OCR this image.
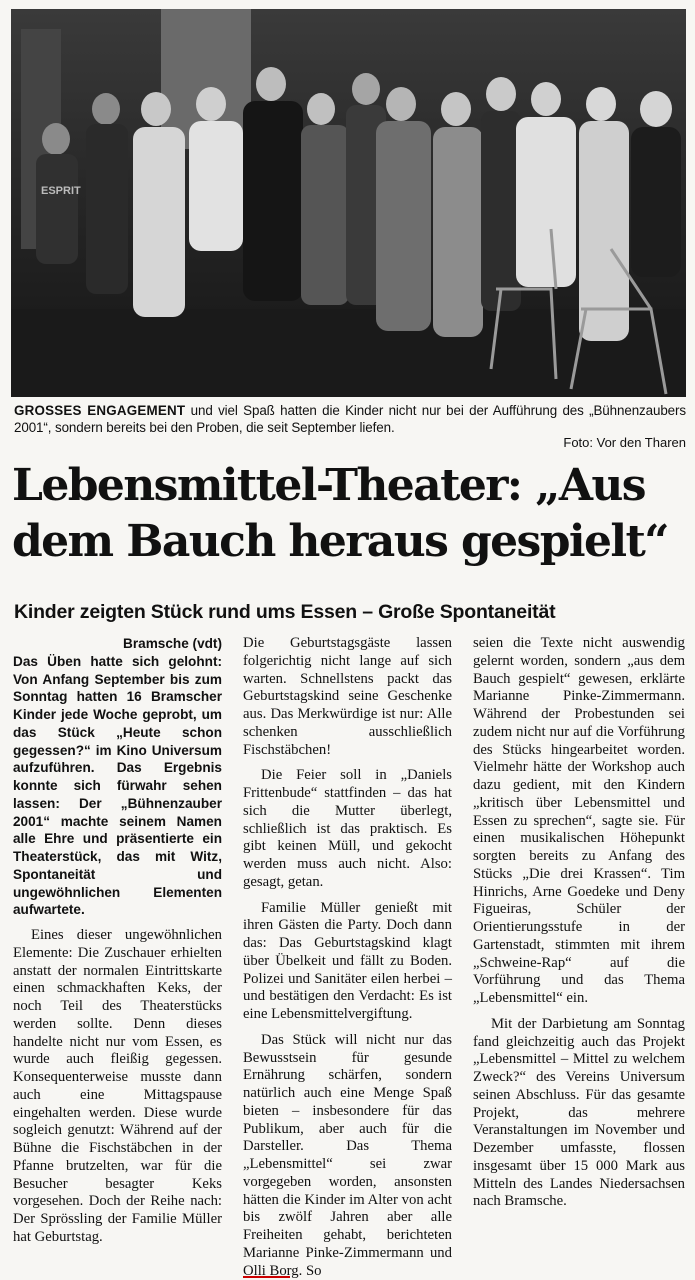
ESPRIT
GROSSES ENGAGEMENT und viel Spaß hatten die Kinder nicht nur bei der Aufführung des „Bühnenzaubers 2001“, sondern bereits bei den Proben, die seit September liefen.
Foto: Vor den Tharen
Lebensmittel-Theater: „Aus dem Bauch heraus gespielt“
Kinder zeigten Stück rund ums Essen – Große Spontaneität

Bramsche (vdt)
Das Üben hatte sich gelohnt: Von Anfang September bis zum Sonntag hatten 16 Bramscher Kinder jede Woche geprobt, um das Stück „Heute schon gegessen?“ im Kino Universum aufzuführen. Das Ergebnis konnte sich fürwahr sehen lassen: Der „Bühnenzauber 2001“ machte seinem Namen alle Ehre und präsentierte ein Theaterstück, das mit Witz, Spontaneität und ungewöhnlichen Elementen aufwartete.

Eines dieser ungewöhnlichen Elemente: Die Zuschauer erhielten anstatt der normalen Eintrittskarte einen schmackhaften Keks, der noch Teil des Theaterstücks werden sollte. Denn dieses handelte nicht nur vom Essen, es wurde auch fleißig gegessen. Konsequenterweise musste dann auch eine Mittagspause eingehalten werden. Diese wurde sogleich genutzt: Während auf der Bühne die Fischstäbchen in der Pfanne brutzelten, war für die Besucher besagter Keks vorgesehen. Doch der Reihe nach: Der Sprössling der Familie Müller hat Geburtstag.

Die Geburtstagsgäste lassen folgerichtig nicht lange auf sich warten. Schnellstens packt das Geburtstagskind seine Geschenke aus. Das Merkwürdige ist nur: Alle schenken ausschließlich Fischstäbchen!

Die Feier soll in „Daniels Frittenbude“ stattfinden – das hat sich die Mutter überlegt, schließlich ist das praktisch. Es gibt keinen Müll, und gekocht werden muss auch nicht. Also: gesagt, getan.

Familie Müller genießt mit ihren Gästen die Party. Doch dann das: Das Geburtstagskind klagt über Übelkeit und fällt zu Boden. Polizei und Sanitäter eilen herbei – und bestätigen den Verdacht: Es ist eine Lebensmittelvergiftung.

Das Stück will nicht nur das Bewusstsein für gesunde Ernährung schärfen, sondern natürlich auch eine Menge Spaß bieten – insbesondere für das Publikum, aber auch für die Darsteller. Das Thema „Lebensmittel“ sei zwar vorgegeben worden, ansonsten hätten die Kinder im Alter von acht bis zwölf Jahren aber alle Freiheiten gehabt, berichteten Marianne Pinke-Zimmermann und Olli Borg. So

seien die Texte nicht auswendig gelernt worden, sondern „aus dem Bauch gespielt“ gewesen, erklärte Marianne Pinke-Zimmermann. Während der Probestunden sei zudem nicht nur auf die Vorführung des Stücks hingearbeitet worden. Vielmehr hätte der Workshop auch dazu gedient, mit den Kindern „kritisch über Lebensmittel und Essen zu sprechen“, sagte sie. Für einen musikalischen Höhepunkt sorgten bereits zu Anfang des Stücks „Die drei Krassen“. Tim Hinrichs, Arne Goedeke und Deny Figueiras, Schüler der Orientierungsstufe in der Gartenstadt, stimmten mit ihrem „Schweine-Rap“ auf die Vorführung und das Thema „Lebensmittel“ ein.

Mit der Darbietung am Sonntag fand gleichzeitig auch das Projekt „Lebensmittel – Mittel zu welchem Zweck?“ des Vereins Universum seinen Abschluss. Für das gesamte Projekt, das mehrere Veranstaltungen im November und Dezember umfasste, flossen insgesamt über 15 000 Mark aus Mitteln des Landes Niedersachsen nach Bramsche.
